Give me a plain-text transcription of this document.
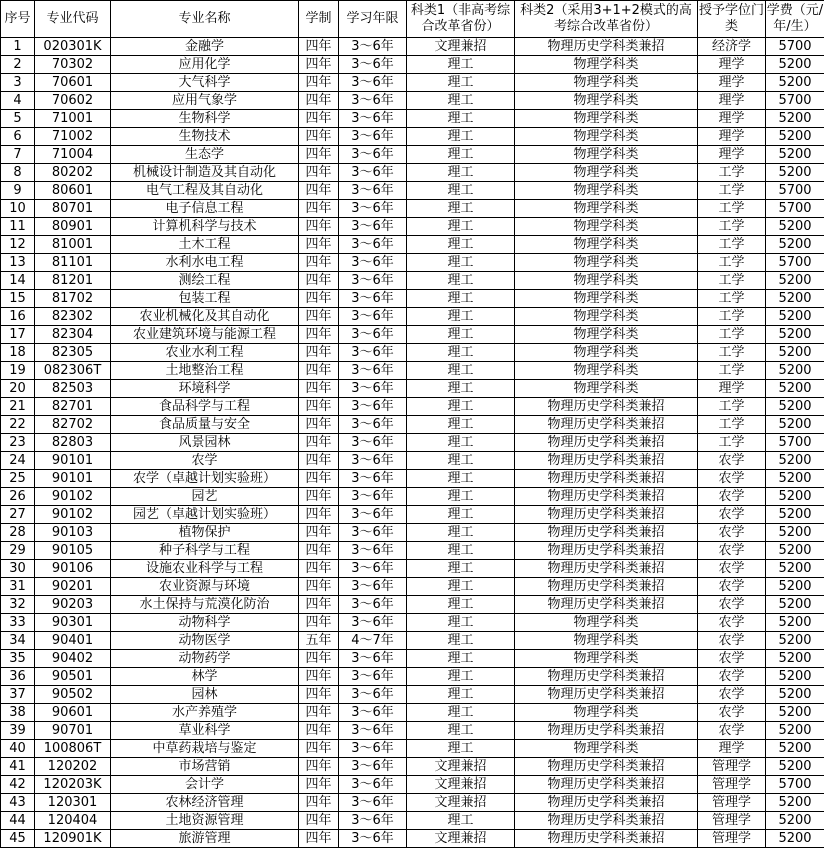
序号	专业代码	专业名称	学制	学习年限	科类1（非高考综合改革省份）	科类2（采用3+1+2模式的高考综合改革省份）	授予学位门类	学费（元/年/生）
1	020301K	金融学	四年	3～6年	文理兼招	物理历史学科类兼招	经济学	5700
2	70302	应用化学	四年	3～6年	理工	物理学科类	理学	5200
3	70601	大气科学	四年	3～6年	理工	物理学科类	理学	5200
4	70602	应用气象学	四年	3～6年	理工	物理学科类	理学	5700
5	71001	生物科学	四年	3～6年	理工	物理学科类	理学	5200
6	71002	生物技术	四年	3～6年	理工	物理学科类	理学	5200
7	71004	生态学	四年	3～6年	理工	物理学科类	理学	5200
8	80202	机械设计制造及其自动化	四年	3～6年	理工	物理学科类	工学	5200
9	80601	电气工程及其自动化	四年	3～6年	理工	物理学科类	工学	5700
10	80701	电子信息工程	四年	3～6年	理工	物理学科类	工学	5700
11	80901	计算机科学与技术	四年	3～6年	理工	物理学科类	工学	5200
12	81001	土木工程	四年	3～6年	理工	物理学科类	工学	5200
13	81101	水利水电工程	四年	3～6年	理工	物理学科类	工学	5700
14	81201	测绘工程	四年	3～6年	理工	物理学科类	工学	5200
15	81702	包装工程	四年	3～6年	理工	物理学科类	工学	5200
16	82302	农业机械化及其自动化	四年	3～6年	理工	物理学科类	工学	5200
17	82304	农业建筑环境与能源工程	四年	3～6年	理工	物理学科类	工学	5200
18	82305	农业水利工程	四年	3～6年	理工	物理学科类	工学	5200
19	082306T	土地整治工程	四年	3～6年	理工	物理学科类	工学	5200
20	82503	环境科学	四年	3～6年	理工	物理学科类	理学	5200
21	82701	食品科学与工程	四年	3～6年	理工	物理历史学科类兼招	工学	5200
22	82702	食品质量与安全	四年	3～6年	理工	物理历史学科类兼招	工学	5200
23	82803	风景园林	四年	3～6年	理工	物理历史学科类兼招	工学	5700
24	90101	农学	四年	3～6年	理工	物理历史学科类兼招	农学	5200
25	90101	农学（卓越计划实验班）	四年	3～6年	理工	物理历史学科类兼招	农学	5200
26	90102	园艺	四年	3～6年	理工	物理历史学科类兼招	农学	5200
27	90102	园艺（卓越计划实验班）	四年	3～6年	理工	物理历史学科类兼招	农学	5200
28	90103	植物保护	四年	3～6年	理工	物理历史学科类兼招	农学	5200
29	90105	种子科学与工程	四年	3～6年	理工	物理历史学科类兼招	农学	5200
30	90106	设施农业科学与工程	四年	3～6年	理工	物理历史学科类兼招	农学	5200
31	90201	农业资源与环境	四年	3～6年	理工	物理历史学科类兼招	农学	5200
32	90203	水土保持与荒漠化防治	四年	3～6年	理工	物理历史学科类兼招	农学	5200
33	90301	动物科学	四年	3～6年	理工	物理学科类	农学	5200
34	90401	动物医学	五年	4～7年	理工	物理学科类	农学	5200
35	90402	动物药学	四年	3～6年	理工	物理学科类	农学	5200
36	90501	林学	四年	3～6年	理工	物理历史学科类兼招	农学	5200
37	90502	园林	四年	3～6年	理工	物理历史学科类兼招	农学	5200
38	90601	水产养殖学	四年	3～6年	理工	物理学科类	农学	5200
39	90701	草业科学	四年	3～6年	理工	物理历史学科类兼招	农学	5200
40	100806T	中草药栽培与鉴定	四年	3～6年	理工	物理学科类	理学	5200
41	120202	市场营销	四年	3～6年	文理兼招	物理历史学科类兼招	管理学	5200
42	120203K	会计学	四年	3～6年	文理兼招	物理历史学科类兼招	管理学	5700
43	120301	农林经济管理	四年	3～6年	文理兼招	物理历史学科类兼招	管理学	5200
44	120404	土地资源管理	四年	3～6年	理工	物理历史学科类兼招	管理学	5200
45	120901K	旅游管理	四年	3～6年	文理兼招	物理历史学科类兼招	管理学	5200
